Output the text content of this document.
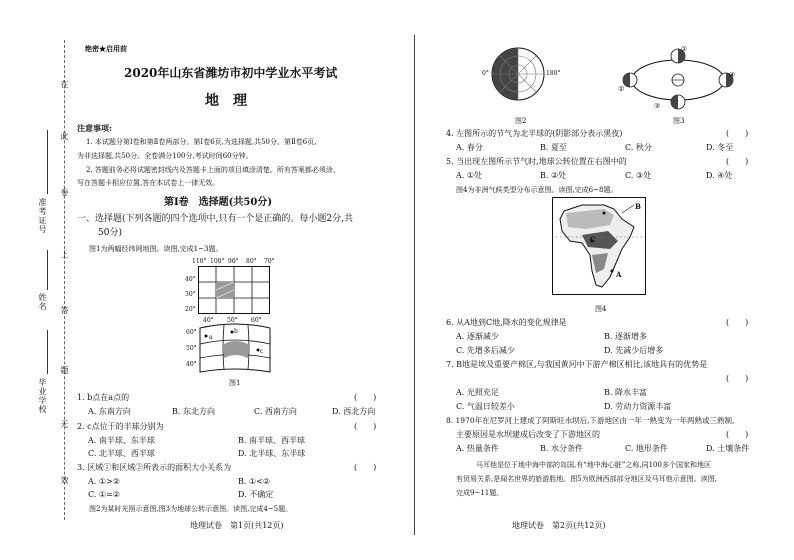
在
此
卷
上
答
题
无
效
准考证号
姓名
毕业学校
绝密★启用前
2020年山东省潍坊市初中学业水平考试
地　理
注意事项:
1. 本试题分第Ⅰ卷和第Ⅱ卷两部分。第Ⅰ卷6页,为选择题,共50分。第Ⅱ卷6页,
为非选择题,共50分。全卷满分100分,考试时间60分钟。
2. 答题前务必将试题密封线内及答题卡上面的项目填涂清楚。所有答案都必须涂、
写在答题卡相应位置,答在本试卷上一律无效。
第Ⅰ卷　选择题(共50分)
一、选择题(下列各题的四个选项中,只有一个是正确的。每小题2分,共
50分)
图1为两幅经纬网地图。读图,完成1~3题。
110° 100° 90° 80° 70°
40°
30°
20°
40° 50° 60°
60°
50°
40°
a
b
c
图1
1. b点在a点的	(　　)
A. 东南方向	B. 东北方向	C. 西南方向	D. 西北方向
2. c点位于的半球分别为	(　　)
A. 南半球、东半球	B. 南半球、西半球
C. 北半球、西半球	D. 北半球、东半球
3. 区域①和区域②所表示的面积大小关系为	(　　)
A. ①>②	B. ①<②
C. ①=②	D. 不确定
图2为某时光照示意图,图3为地球公转示意图。读图,完成4~5题。
地理试卷　第1页(共12页)
0°	180°
图2
①
②
③
④
图3
4. 左图所示的节气为北半球的(阴影部分表示黑夜)	(　　)
A. 春分	B. 夏至	C. 秋分	D. 冬至
5. 当出现左图所示节气时,地球公转位置在右图中的	(　　)
A. ①处	B. ②处	C. ③处	D. ④处
图4为非洲气候类型分布示意图。读图,完成6~8题。
B
C
A
图4
6. 从A地到C地,降水的变化规律是	(　　)
A. 逐渐减少	B. 逐渐增多
C. 先增多后减少	D. 先减少后增多
7. B地是埃及重要产棉区,与我国黄河中下游产棉区相比,该地具有的优势是
(　　)
A. 光照充足	B. 降水丰富
C. 气温日较差小	D. 劳动力资源丰富
8. 1970年在尼罗河上建成了阿斯旺水坝后,下游地区由一年一熟变为一年两熟或三熟制,
主要原因是水坝建成后改变了下游地区的	(　　)
A. 热量条件	B. 水分条件	C. 地形条件	D. 土壤条件
马耳他是位于地中海中部的岛国,有“地中海心脏”之称,同100多个国家和地区
有贸易关系,是闻名世界的旅游胜地。图5为欧洲西部部分地区及马耳他示意图。读图,
完成9~11题。
地理试卷　第2页(共12页)
